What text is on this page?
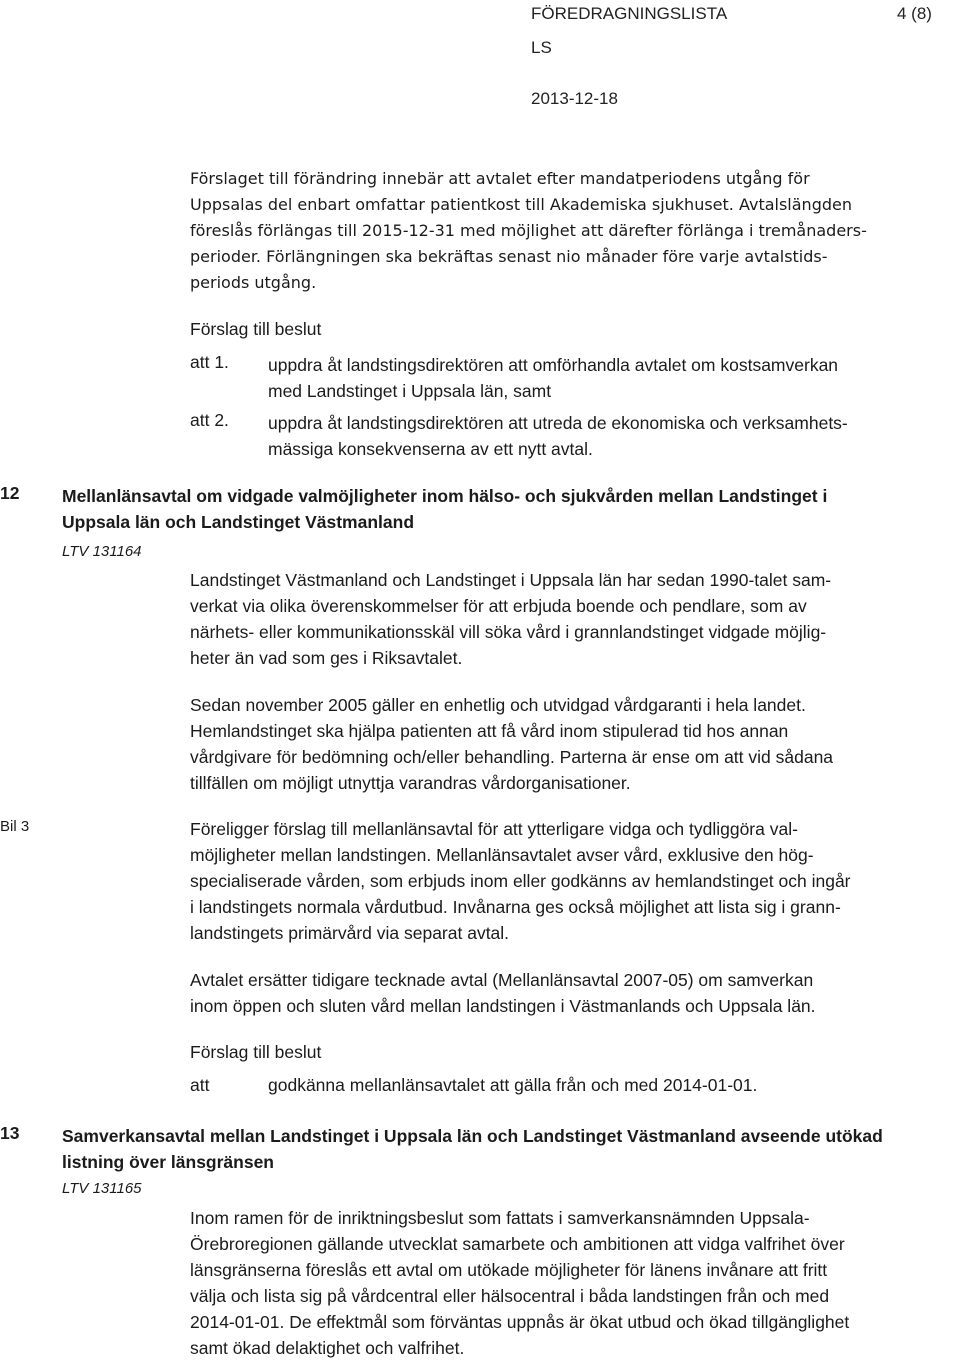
FÖREDRAGNINGSLISTA	4 (8)
LS
2013-12-18
Förslaget till förändring innebär att avtalet efter mandatperiodens utgång för
Uppsalas del enbart omfattar patientkost till Akademiska sjukhuset. Avtalslängden
föreslås förlängas till 2015-12-31 med möjlighet att därefter förlänga i tremånaders-
perioder. Förlängningen ska bekräftas senast nio månader före varje avtalstids-
periods utgång.
Förslag till beslut
att 1. uppdra åt landstingsdirektören att omförhandla avtalet om kostsamverkan
med Landstinget i Uppsala län, samt
att 2. uppdra åt landstingsdirektören att utreda de ekonomiska och verksamhets-
mässiga konsekvenserna av ett nytt avtal.
12 Mellanlänsavtal om vidgade valmöjligheter inom hälso- och sjukvården mellan Landstinget i
Uppsala län och Landstinget Västmanland
LTV 131164
Landstinget Västmanland och Landstinget i Uppsala län har sedan 1990-talet sam-
verkat via olika överenskommelser för att erbjuda boende och pendlare, som av
närhets- eller kommunikationsskäl vill söka vård i grannlandstinget vidgade möjlig-
heter än vad som ges i Riksavtalet.
Sedan november 2005 gäller en enhetlig och utvidgad vårdgaranti i hela landet.
Hemlandstinget ska hjälpa patienten att få vård inom stipulerad tid hos annan
vårdgivare för bedömning och/eller behandling. Parterna är ense om att vid sådana
tillfällen om möjligt utnyttja varandras vårdorganisationer.
Bil 3	Föreligger förslag till mellanlänsavtal för att ytterligare vidga och tydliggöra val-
möjligheter mellan landstingen. Mellanlänsavtalet avser vård, exklusive den hög-
specialiserade vården, som erbjuds inom eller godkänns av hemlandstinget och ingår
i landstingets normala vårdutbud. Invånarna ges också möjlighet att lista sig i grann-
landstingets primärvård via separat avtal.
Avtalet ersätter tidigare tecknade avtal (Mellanlänsavtal 2007-05) om samverkan
inom öppen och sluten vård mellan landstingen i Västmanlands och Uppsala län.
Förslag till beslut
att	godkänna mellanlänsavtalet att gälla från och med 2014-01-01.
13 Samverkansavtal mellan Landstinget i Uppsala län och Landstinget Västmanland avseende utökad
listning över länsgränsen
LTV 131165
Inom ramen för de inriktningsbeslut som fattats i samverkansnämnden Uppsala-
Örebroregionen gällande utvecklat samarbete och ambitionen att vidga valfrihet över
länsgränserna föreslås ett avtal om utökade möjligheter för länens invånare att fritt
välja och lista sig på vårdcentral eller hälsocentral i båda landstingen från och med
2014-01-01. De effektmål som förväntas uppnås är ökat utbud och ökad tillgänglighet
samt ökad delaktighet och valfrihet.
